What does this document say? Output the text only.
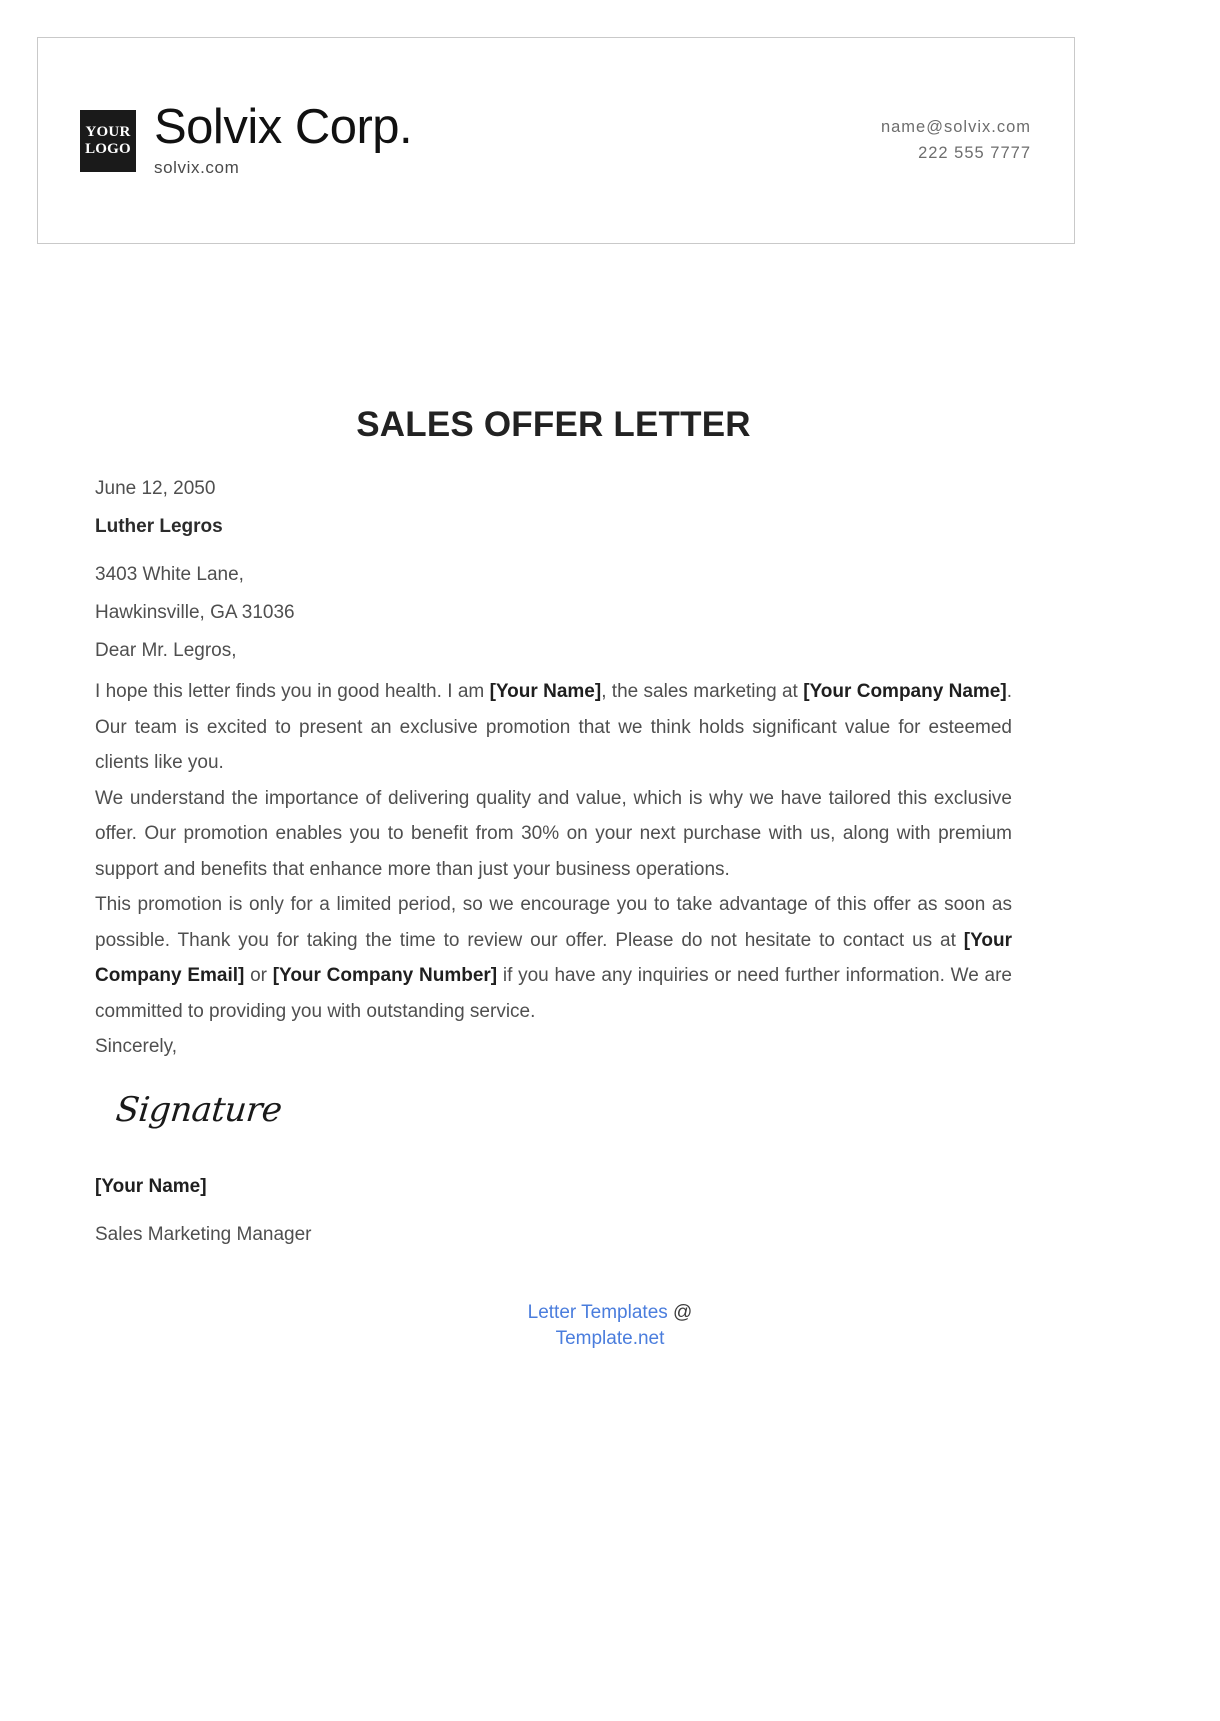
YOUR
LOGO Solvix Corp.
solvix.com
name@solvix.com
222 555 7777
SALES OFFER LETTER
June 12, 2050
Luther Legros
3403 White Lane,
Hawkinsville, GA 31036
Dear Mr. Legros,

I hope this letter finds you in good health. I am [Your Name], the sales marketing at [Your Company Name]. Our team is excited to present an exclusive promotion that we think holds significant value for esteemed clients like you.

We understand the importance of delivering quality and value, which is why we have tailored this exclusive offer. Our promotion enables you to benefit from 30% on your next purchase with us, along with premium support and benefits that enhance more than just your business operations.

This promotion is only for a limited period, so we encourage you to take advantage of this offer as soon as possible. Thank you for taking the time to review our offer. Please do not hesitate to contact us at [Your Company Email] or [Your Company Number] if you have any inquiries or need further information. We are committed to providing you with outstanding service.

Sincerely,
Signature
[Your Name]
Sales Marketing Manager
Letter Templates @
Template.net
